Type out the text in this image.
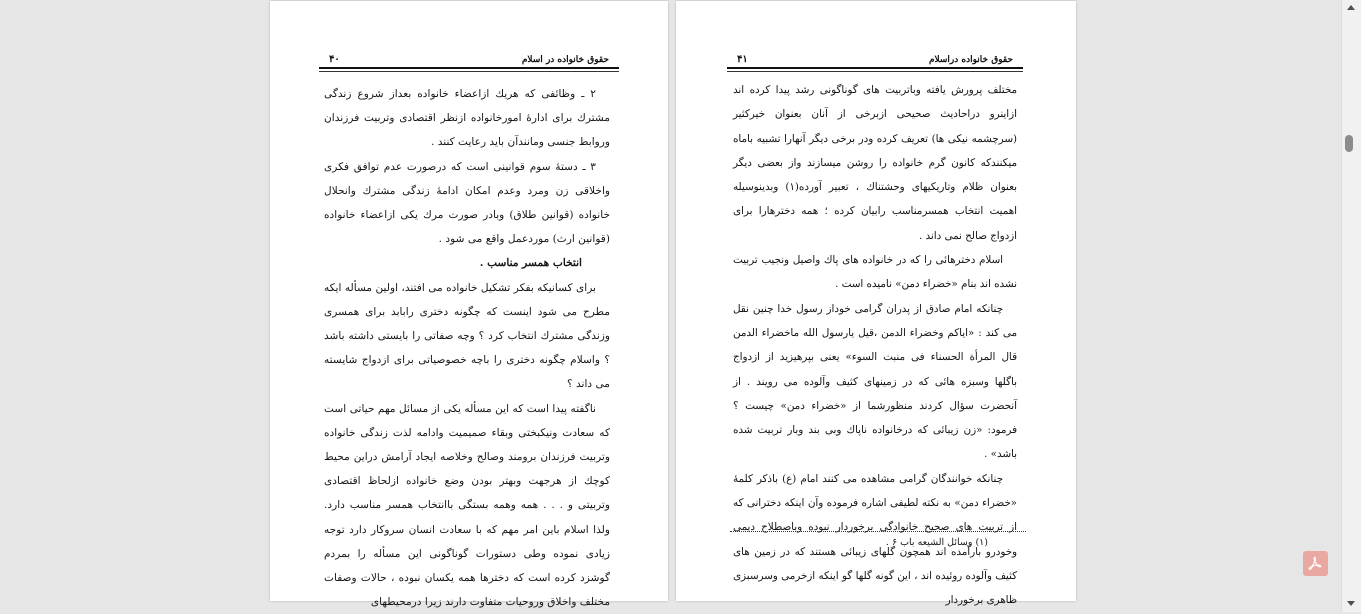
حقوق خانواده در اسلام
۴۰

۲ ـ وظائفی که هریك ازاعضاء خانواده بعداز شروع زندگی مشترك برای ادارهٔ امورخانواده ازنظر اقتصادی وتربیت فرزندان وروابط جنسی ومانندآن باید رعایت کنند .

۳ ـ دستهٔ سوم قوانینی است که درصورت عدم توافق فکری واخلاقی زن ومرد وعدم امکان ادامهٔ زندگی مشترك وانحلال خانواده (قوانین طلاق) وبادر صورت مرك یکی ازاعضاء خانواده (قوانین ارث) موردعمل واقع می شود .

انتخاب همسر مناسب .

برای کسانیکه بفکر تشکیل خانواده می افتند، اولین مسأله ایکه مطرح می شود اینست که چگونه دختری رابابد برای همسری وزندگی مشترك انتخاب کرد ؟ وچه صفاتی را بایستی داشته باشد ؟ واسلام چگونه دختری را باچه خصوصیاتی برای ازدواج شایسته می داند ؟

ناگفته پیدا است که این مسأله یکی از مسائل مهم حیاتی است که سعادت ونیکبختی وبقاء صمیمیت وادامه لذت زندگی خانواده وتربیت فرزندان برومند وصالح وخلاصه ایجاد آرامش دراین محیط کوچك از هرجهت وبهتر بودن وضع خانواده ازلحاظ اقتصادی وتربیتی و . . . همه وهمه بستگی باانتخاب همسر مناسب دارد. ولذا اسلام باین امر مهم که با سعادت انسان سروکار دارد توجه زیادی نموده وطی دستورات گوناگونی این مسأله را بمردم گوشزد کرده است که دخترها همه یکسان نبوده ، حالات وصفات مختلف واخلاق وروحیات متفاوت دارند زیرا درمحیطهای

حقوق خانواده دراسلام
۴۱

مختلف پرورش یافته وباتربیت های گوناگونی رشد پیدا کرده اند ازاینرو دراحادیث صحیحی ازبرخی از آنان بعنوان خیرکثیر (سرچشمه نیکی ها) تعریف کرده ودر برخی دیگر آنهارا تشبیه باماه میکنندکه کانون گرم خانواده را روشن میسازند واز بعضی دیگر بعنوان ظلام وتاریکیهای وحشتناك ، تعبیر آورده(۱) وبدینوسیله اهمیت انتخاب همسرمناسب رابیان کرده ؛ همه دخترهارا برای ازدواج صالح نمی داند .

اسلام دخترهائی را که در خانواده های پاك واصیل ونجیب تربیت نشده اند بنام «خضراء دمن» نامیده است .

چنانکه امام صادق از پدران گرامی خوداز رسول خدا چنین نقل می کند : «ایاکم وخضراء الدمن ،قیل یارسول الله ماخضراء الدمن قال المرأة الحسناء فی منبت السوء» یعنی بپرهیزید از ازدواج باگلها وسبزه هائی که در زمینهای کثیف وآلوده می رویند . از آنحضرت سؤال کردند منظورشما از «خضراء دمن» چیست ؟ فرمود: «زن زیبائی که درخانواده ناپاك وبی بند وبار تربیت شده باشد» .

چنانکه خوانندگان گرامی مشاهده می کنند امام (ع) باذکر کلمهٔ «خضراء دمن» به نکته لطیفی اشاره فرموده وآن اینکه دخترانی که از تربیت های صحیح خانوادگی برخوردار نبوده وباصطلاح دیمی وخودرو بارآمده اند همچون گلهای زیبائی هستند که در زمین های کثیف وآلوده روئیده اند ، این گونه گلها گو اینکه ازخرمی وسرسبزی ظاهری برخوردار

(۱) وسائل الشیعه باب ۶ .
